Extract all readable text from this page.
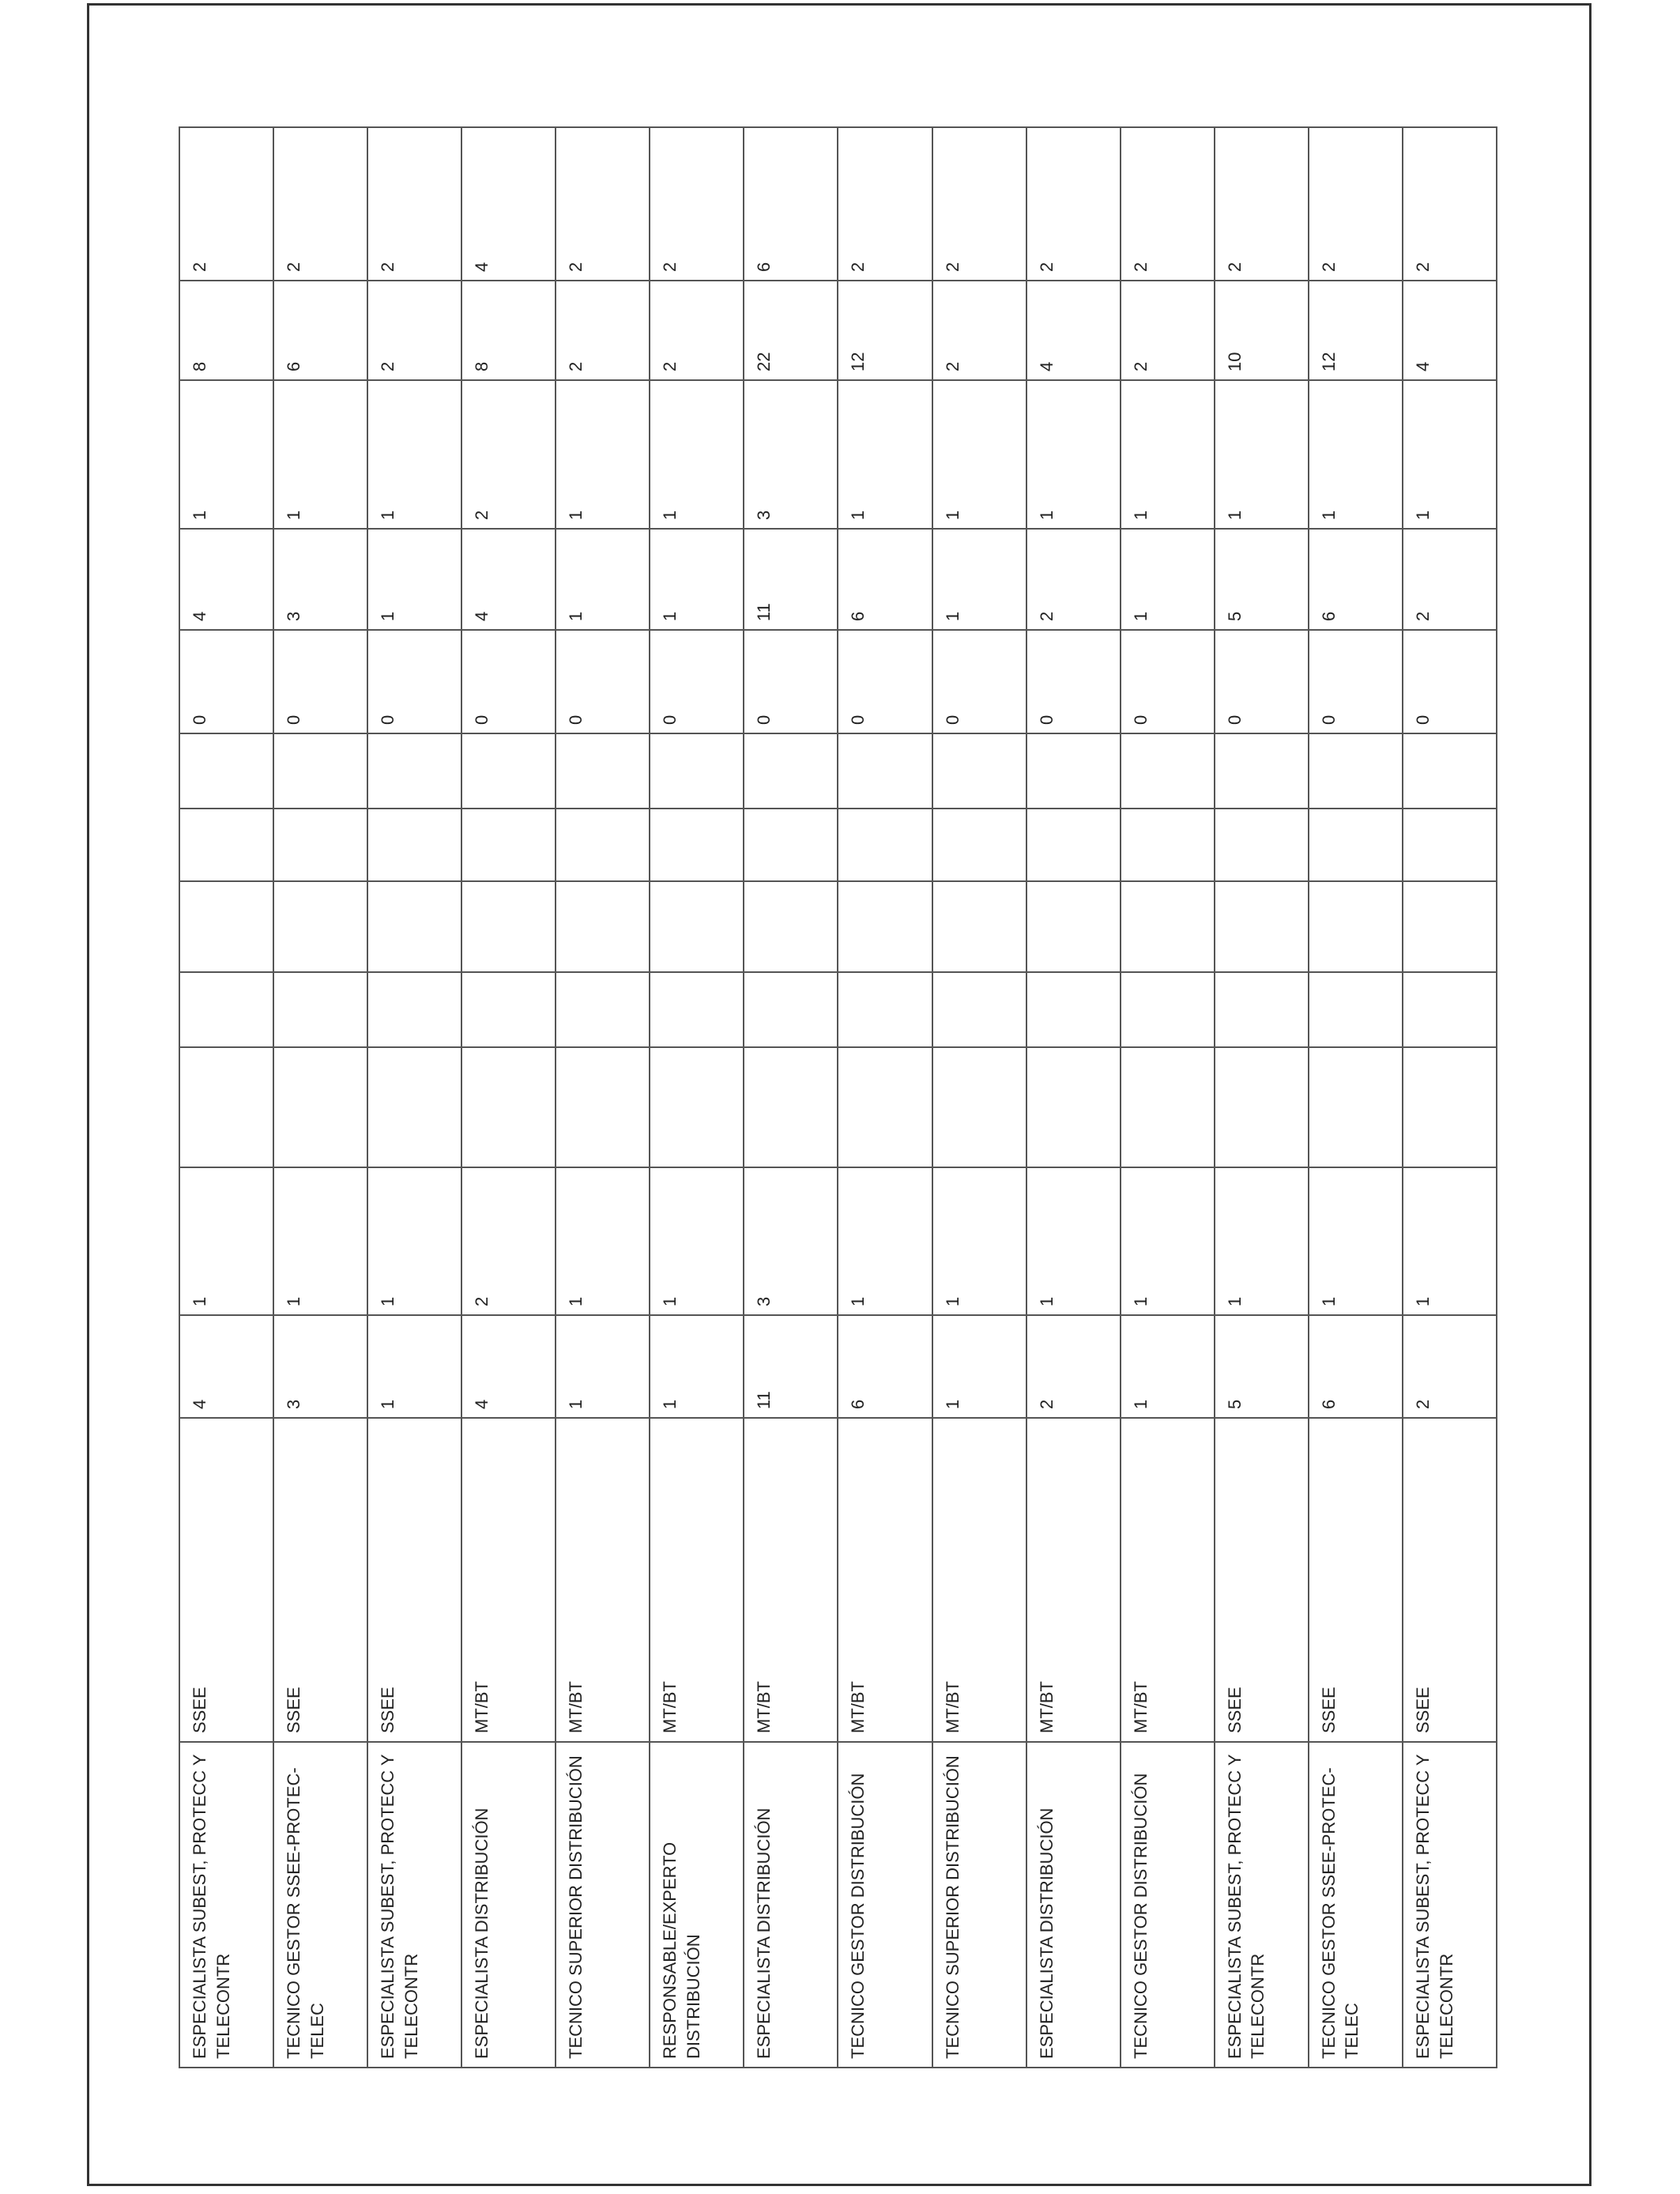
ESPECIALISTA SUBEST, PROTECC Y TELECONTR	SSEE	4	1						0	4	1	8	2
TECNICO GESTOR SSEE-PROTEC-TELEC	SSEE	3	1						0	3	1	6	2
ESPECIALISTA SUBEST, PROTECC Y TELECONTR	SSEE	1	1						0	1	1	2	2
ESPECIALISTA DISTRIBUCIÓN	MT/BT	4	2						0	4	2	8	4
TECNICO SUPERIOR DISTRIBUCIÓN	MT/BT	1	1						0	1	1	2	2
RESPONSABLE/EXPERTO DISTRIBUCIÓN	MT/BT	1	1						0	1	1	2	2
ESPECIALISTA DISTRIBUCIÓN	MT/BT	11	3						0	11	3	22	6
TECNICO GESTOR DISTRIBUCIÓN	MT/BT	6	1						0	6	1	12	2
TECNICO SUPERIOR DISTRIBUCIÓN	MT/BT	1	1						0	1	1	2	2
ESPECIALISTA DISTRIBUCIÓN	MT/BT	2	1						0	2	1	4	2
TECNICO GESTOR DISTRIBUCIÓN	MT/BT	1	1						0	1	1	2	2
ESPECIALISTA SUBEST, PROTECC Y TELECONTR	SSEE	5	1						0	5	1	10	2
TECNICO GESTOR SSEE-PROTEC-TELEC	SSEE	6	1						0	6	1	12	2
ESPECIALISTA SUBEST, PROTECC Y TELECONTR	SSEE	2	1						0	2	1	4	2
